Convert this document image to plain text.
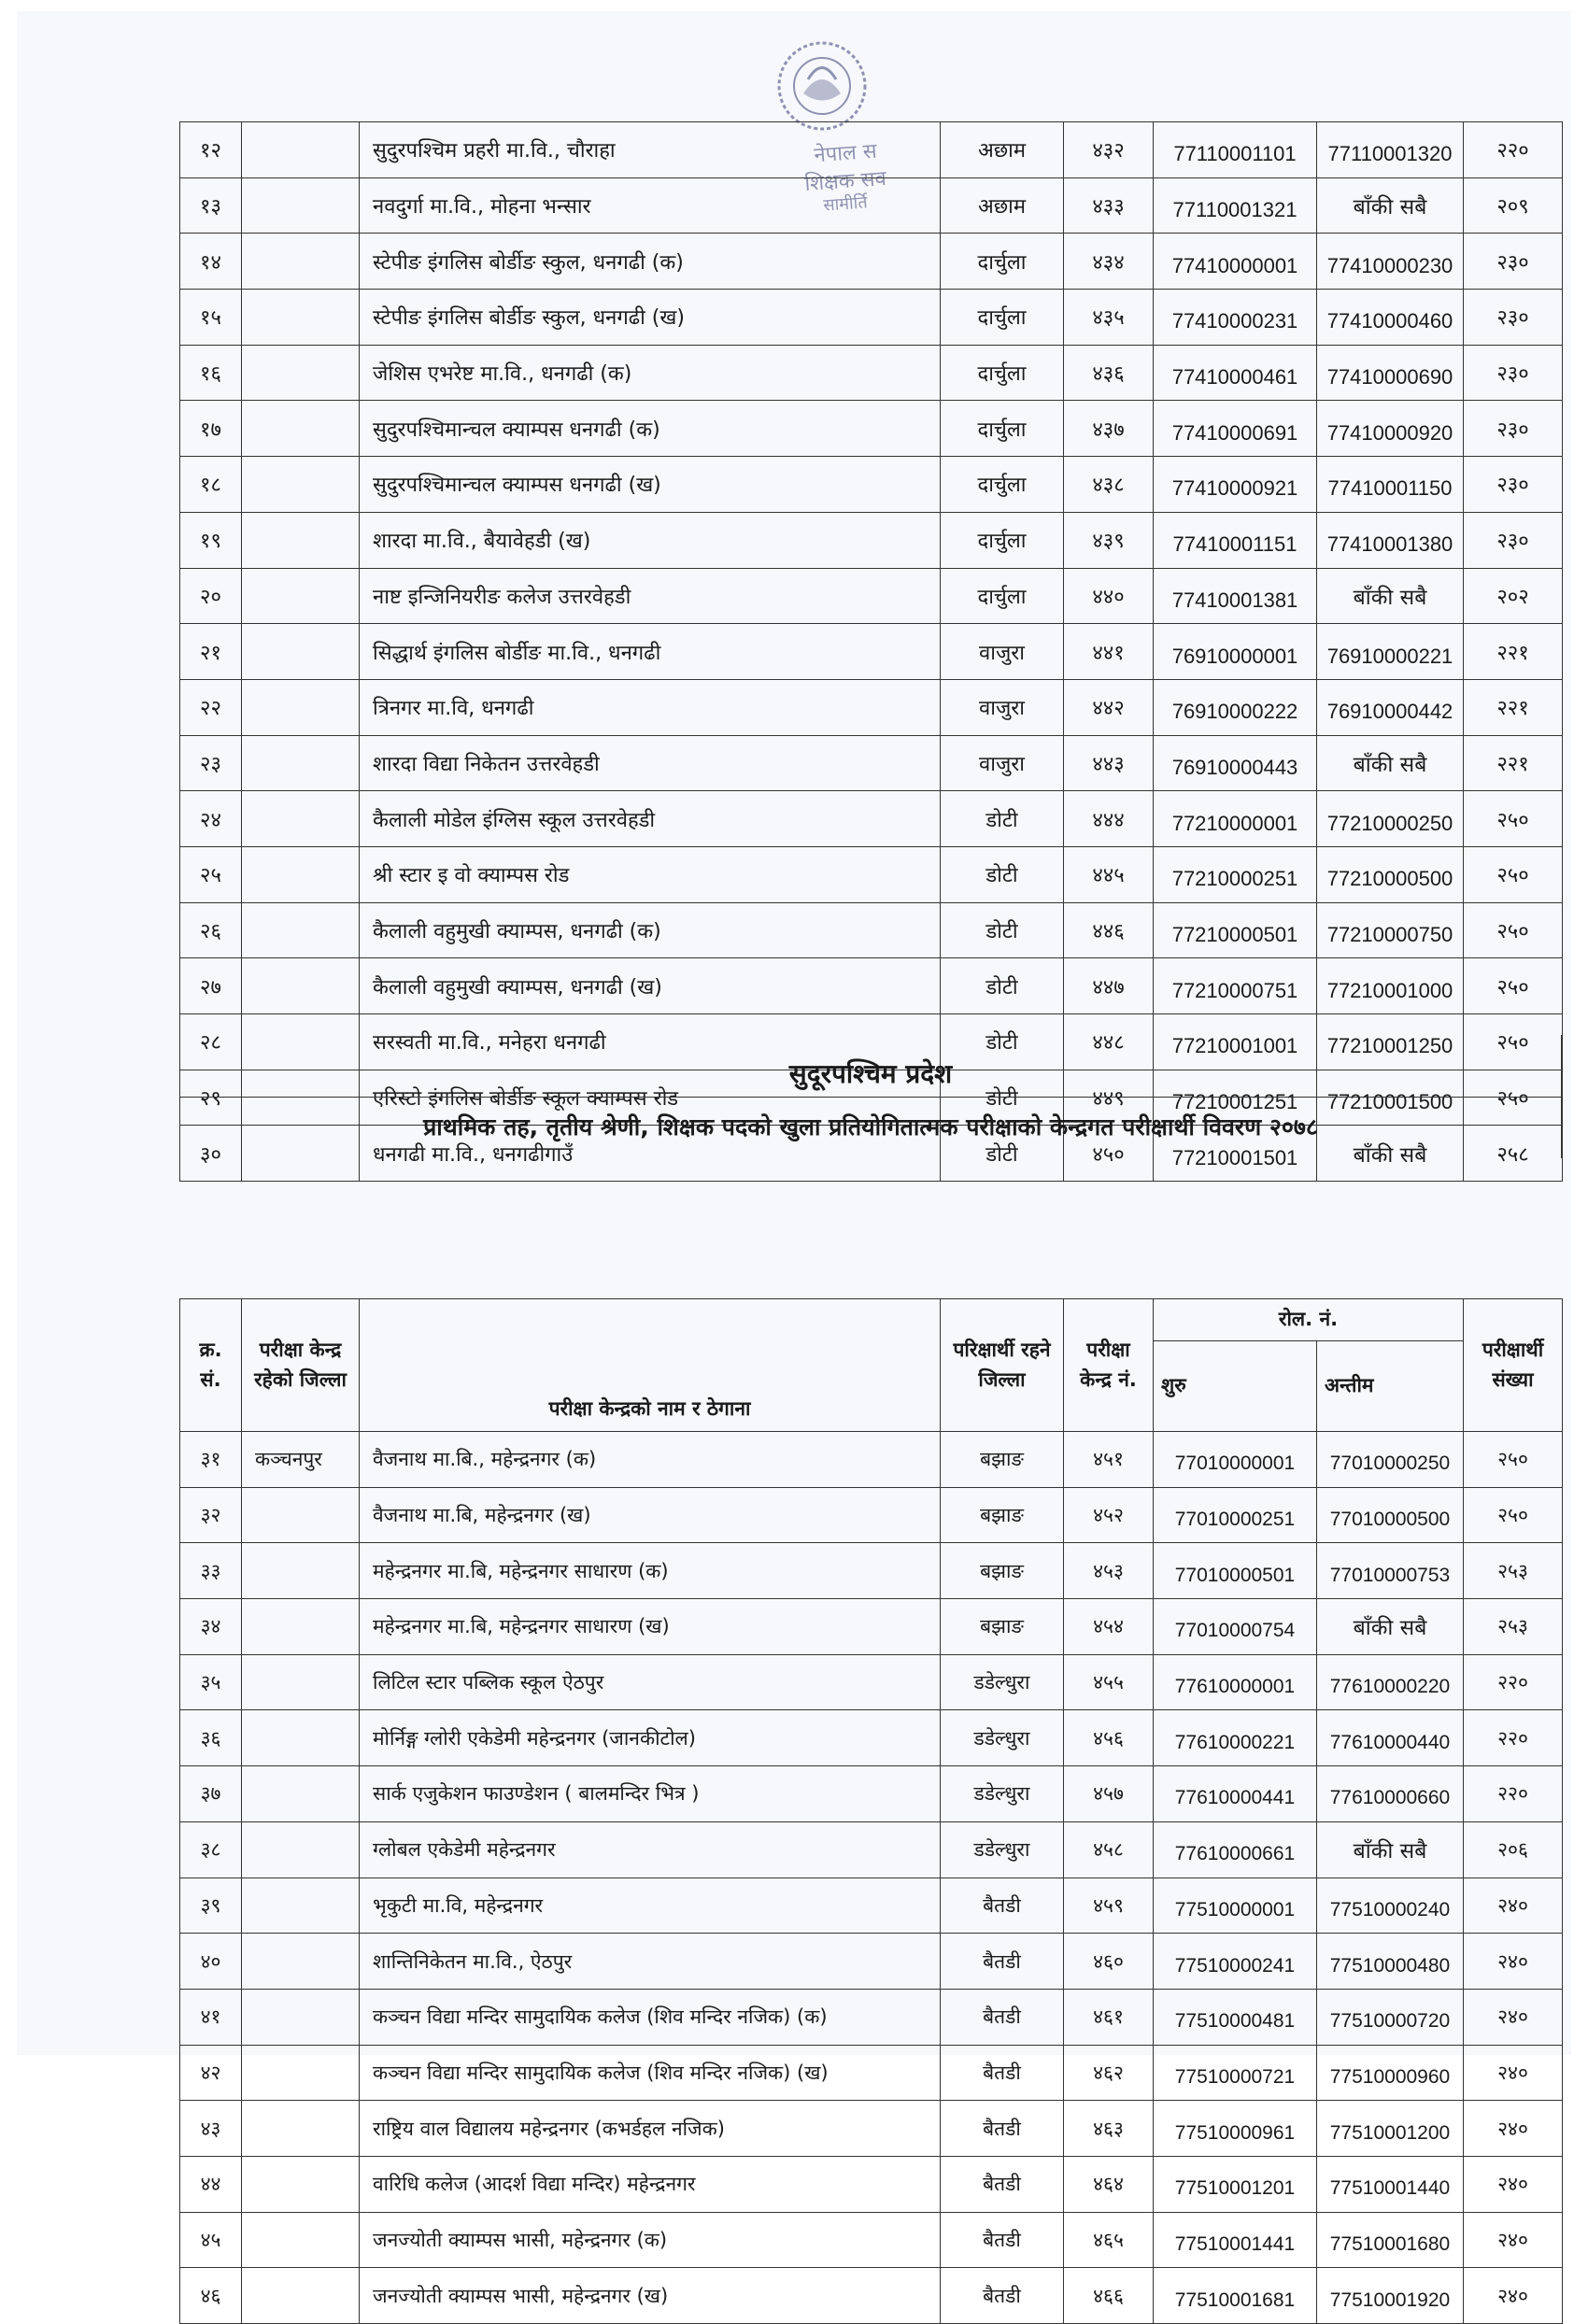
नेपाल स
शिक्षक सव
सामीर्ति
१२		सुदुरपश्चिम प्रहरी मा.वि., चौराहा	अछाम	४३२	77110001101	77110001320	२२०
१३		नवदुर्गा मा.वि., मोहना भन्सार	अछाम	४३३	77110001321	बाँकी सबै	२०९
१४		स्टेपीङ इंगलिस बोर्डीङ स्कुल, धनगढी (क)	दार्चुला	४३४	77410000001	77410000230	२३०
१५		स्टेपीङ इंगलिस बोर्डीङ स्कुल, धनगढी (ख)	दार्चुला	४३५	77410000231	77410000460	२३०
१६		जेशिस एभरेष्ट मा.वि., धनगढी (क)	दार्चुला	४३६	77410000461	77410000690	२३०
१७		सुदुरपश्चिमान्चल क्याम्पस धनगढी (क)	दार्चुला	४३७	77410000691	77410000920	२३०
१८		सुदुरपश्चिमान्चल क्याम्पस धनगढी (ख)	दार्चुला	४३८	77410000921	77410001150	२३०
१९		शारदा मा.वि., बैयावेहडी (ख)	दार्चुला	४३९	77410001151	77410001380	२३०
२०		नाष्ट इन्जिनियरीङ कलेज उत्तरवेहडी	दार्चुला	४४०	77410001381	बाँकी सबै	२०२
२१		सिद्धार्थ इंगलिस बोर्डीङ मा.वि., धनगढी	वाजुरा	४४१	76910000001	76910000221	२२१
२२		त्रिनगर मा.वि, धनगढी	वाजुरा	४४२	76910000222	76910000442	२२१
२३		शारदा विद्या निकेतन उत्तरवेहडी	वाजुरा	४४३	76910000443	बाँकी सबै	२२१
२४		कैलाली मोडेल इंग्लिस स्कूल उत्तरवेहडी	डोटी	४४४	77210000001	77210000250	२५०
२५		श्री स्टार इ वो क्याम्पस रोड	डोटी	४४५	77210000251	77210000500	२५०
२६		कैलाली वहुमुखी क्याम्पस, धनगढी (क)	डोटी	४४६	77210000501	77210000750	२५०
२७		कैलाली वहुमुखी क्याम्पस, धनगढी (ख)	डोटी	४४७	77210000751	77210001000	२५०
२८		सरस्वती मा.वि., मनेहरा धनगढी	डोटी	४४८	77210001001	77210001250	२५०
२९		एरिस्टो इंगलिस बोर्डीङ स्कूल क्याम्पस रोड	डोटी	४४९	77210001251	77210001500	२५०
३०		धनगढी मा.वि., धनगढीगाउँ	डोटी	४५०	77210001501	बाँकी सबै	२५८
सुदूरपश्चिम प्रदेश
प्राथमिक तह, तृतीय श्रेणी, शिक्षक पदको खुला प्रतियोगितात्मक परीक्षाको केन्द्रगत परीक्षार्थी विवरण २०७८
क्र. सं.	परीक्षा केन्द्र रहेको जिल्ला	परीक्षा केन्द्रको नाम र ठेगाना	परिक्षार्थी रहने जिल्ला	परीक्षा केन्द्र नं.	रोल. नं.		परीक्षार्थी संख्या
					शुरु	अन्तीम	
३१	कञ्चनपुर	वैजनाथ मा.बि., महेन्द्रनगर (क)	बझाङ	४५१	77010000001	77010000250	२५०
३२		वैजनाथ मा.बि, महेन्द्रनगर (ख)	बझाङ	४५२	77010000251	77010000500	२५०
३३		महेन्द्रनगर मा.बि, महेन्द्रनगर साधारण (क)	बझाङ	४५३	77010000501	77010000753	२५३
३४		महेन्द्रनगर मा.बि, महेन्द्रनगर साधारण (ख)	बझाङ	४५४	77010000754	बाँकी सबै	२५३
३५		लिटिल स्टार पब्लिक स्कूल ऐठपुर	डडेल्धुरा	४५५	77610000001	77610000220	२२०
३६		मोर्निङ्ग ग्लोरी एकेडेमी महेन्द्रनगर (जानकीटोल)	डडेल्धुरा	४५६	77610000221	77610000440	२२०
३७		सार्क एजुकेशन फाउण्डेशन ( बालमन्दिर भित्र )	डडेल्धुरा	४५७	77610000441	77610000660	२२०
३८		ग्लोबल एकेडेमी महेन्द्रनगर	डडेल्धुरा	४५८	77610000661	बाँकी सबै	२०६
३९		भृकुटी मा.वि, महेन्द्रनगर	बैतडी	४५९	77510000001	77510000240	२४०
४०		शान्तिनिकेतन मा.वि., ऐठपुर	बैतडी	४६०	77510000241	77510000480	२४०
४१		कञ्चन विद्या मन्दिर सामुदायिक कलेज (शिव मन्दिर नजिक) (क)	बैतडी	४६१	77510000481	77510000720	२४०
४२		कञ्चन विद्या मन्दिर सामुदायिक कलेज (शिव मन्दिर नजिक) (ख)	बैतडी	४६२	77510000721	77510000960	२४०
४३		राष्ट्रिय वाल विद्यालय महेन्द्रनगर (कभर्डहल नजिक)	बैतडी	४६३	77510000961	77510001200	२४०
४४		वारिधि कलेज (आदर्श विद्या मन्दिर) महेन्द्रनगर	बैतडी	४६४	77510001201	77510001440	२४०
४५		जनज्योती क्याम्पस भासी, महेन्द्रनगर (क)	बैतडी	४६५	77510001441	77510001680	२४०
४६		जनज्योती क्याम्पस भासी, महेन्द्रनगर (ख)	बैतडी	४६६	77510001681	77510001920	२४०
